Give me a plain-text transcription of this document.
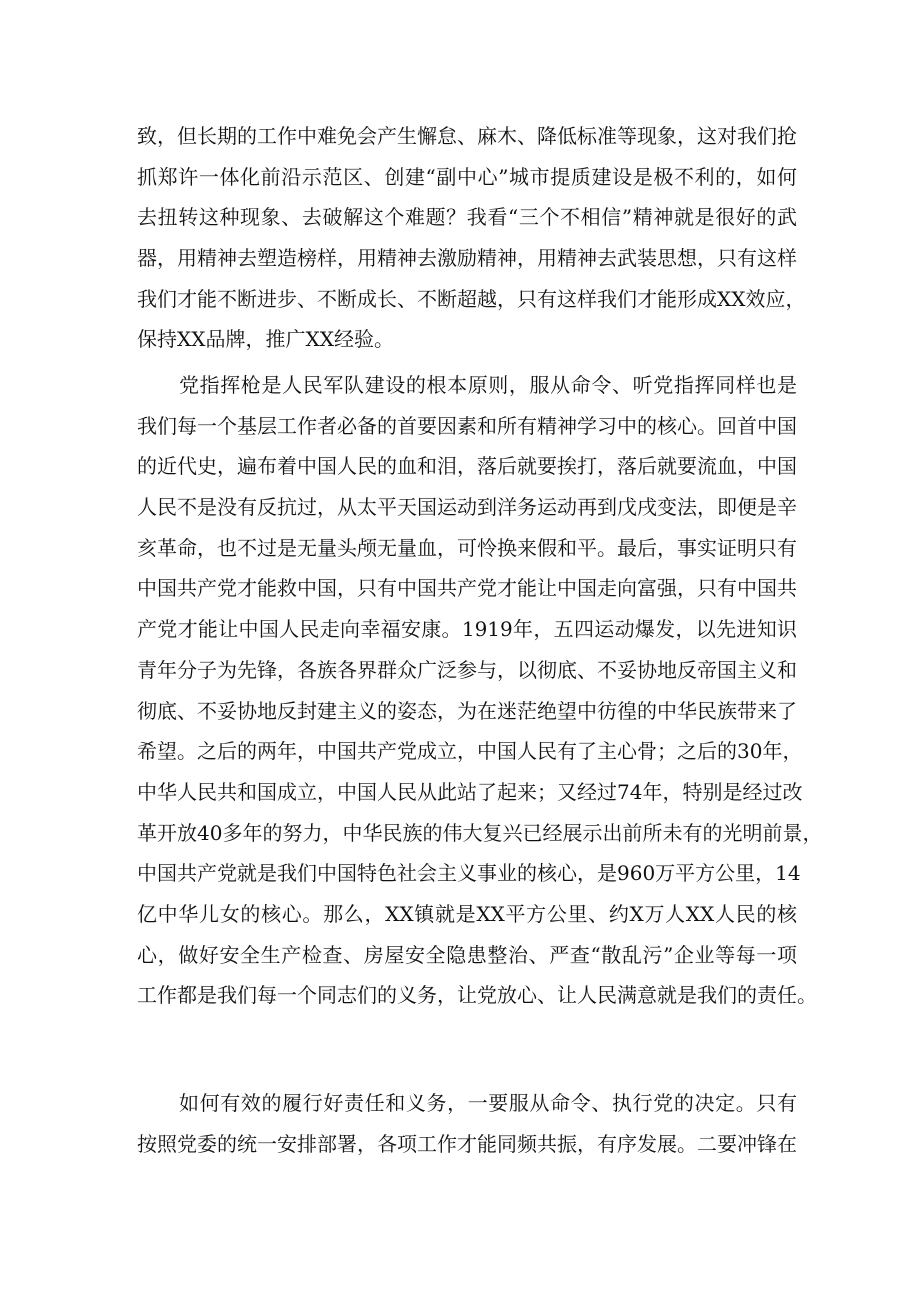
致，但长期的工作中难免会产生懈怠、麻木、降低标准等现象，这对我们抢
抓郑许一体化前沿示范区、创建“副中心”城市提质建设是极不利的，如何
去扭转这种现象、去破解这个难题？我看“三个不相信”精神就是很好的武
器，用精神去塑造榜样，用精神去激励精神，用精神去武装思想，只有这样
我们才能不断进步、不断成长、不断超越，只有这样我们才能形成XX效应，
保持XX品牌，推广XX经验。
党指挥枪是人民军队建设的根本原则，服从命令、听党指挥同样也是
我们每一个基层工作者必备的首要因素和所有精神学习中的核心。回首中国
的近代史，遍布着中国人民的血和泪，落后就要挨打，落后就要流血，中国
人民不是没有反抗过，从太平天国运动到洋务运动再到戊戌变法，即便是辛
亥革命，也不过是无量头颅无量血，可怜换来假和平。最后，事实证明只有
中国共产党才能救中国，只有中国共产党才能让中国走向富强，只有中国共
产党才能让中国人民走向幸福安康。1919年，五四运动爆发，以先进知识
青年分子为先锋，各族各界群众广泛参与，以彻底、不妥协地反帝国主义和
彻底、不妥协地反封建主义的姿态，为在迷茫绝望中彷徨的中华民族带来了
希望。之后的两年，中国共产党成立，中国人民有了主心骨；之后的30年，
中华人民共和国成立，中国人民从此站了起来；又经过74年，特别是经过改
革开放40多年的努力，中华民族的伟大复兴已经展示出前所未有的光明前景，
中国共产党就是我们中国特色社会主义事业的核心，是960万平方公里，14
亿中华儿女的核心。那么，XX镇就是XX平方公里、约X万人XX人民的核
心，做好安全生产检查、房屋安全隐患整治、严查“散乱污”企业等每一项
工作都是我们每一个同志们的义务，让党放心、让人民满意就是我们的责任。
如何有效的履行好责任和义务，一要服从命令、执行党的决定。只有
按照党委的统一安排部署，各项工作才能同频共振，有序发展。二要冲锋在
